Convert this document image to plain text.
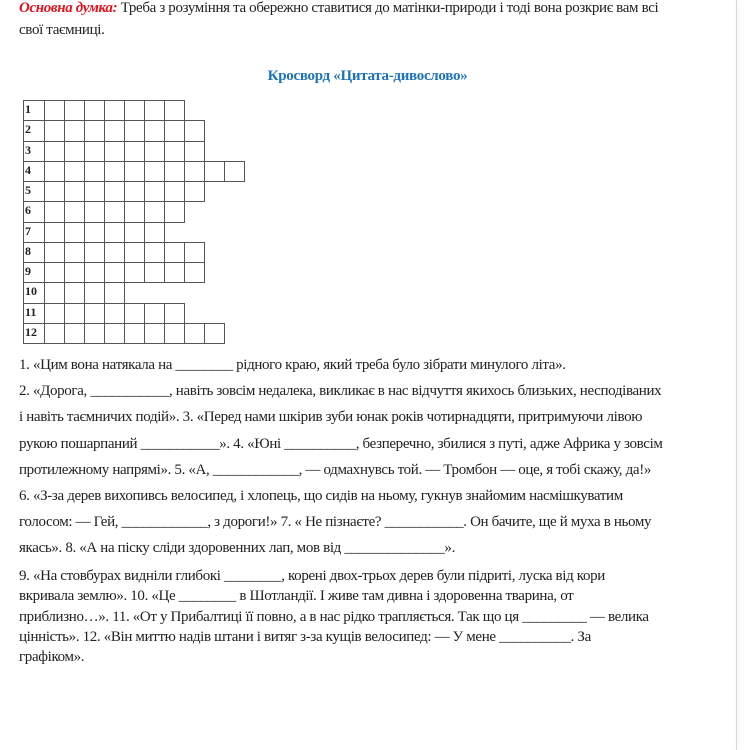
Основна думка: Треба з розуміння та обережно ставитися до матінки-природи і тоді вона розкриє вам всі
свої таємниці.
Кросворд «Цитата-дивослово»
1
2
3
4
5
6
7
8
9
10
11
12
1. «Цим вона натякала на ________ рідного краю, який треба було зібрати минулого літа».
2. «Дорога, ___________, навіть зовсім недалека, викликає в нас відчуття якихось близьких, несподіваних
і навіть таємничих подій». 3. «Перед нами шкірив зуби юнак років чотирнадцяти, притримуючи лівою
рукою пошарпаний ___________». 4. «Юні __________, безперечно, збилися з путі, адже Африка у зовсім
протилежному напрямі». 5. «А, ____________, — одмахнувсь той. — Тромбон — оце, я тобі скажу, да!»
6. «З-за дерев вихопивсь велосипед, і хлопець, що сидів на ньому, гукнув знайомим насмішкуватим
голосом: — Гей, ____________, з дороги!» 7. « Не пізнаєте? ___________. Он бачите, ще й муха в ньому
якась». 8. «А на піску сліди здоровенних лап, мов від ______________».
9. «На стовбурах видніли глибокі ________, корені двох-трьох дерев були підриті, луска від кори
вкривала землю». 10. «Це ________ в Шотландії. І живе там дивна і здоровенна тварина, от
приблизно…». 11. «От у Прибалтиці її повно, а в нас рідко трапляється. Так що ця _________ — велика
цінність». 12. «Він миттю надів штани і витяг з-за кущів велосипед: — У мене __________. За
графіком».
